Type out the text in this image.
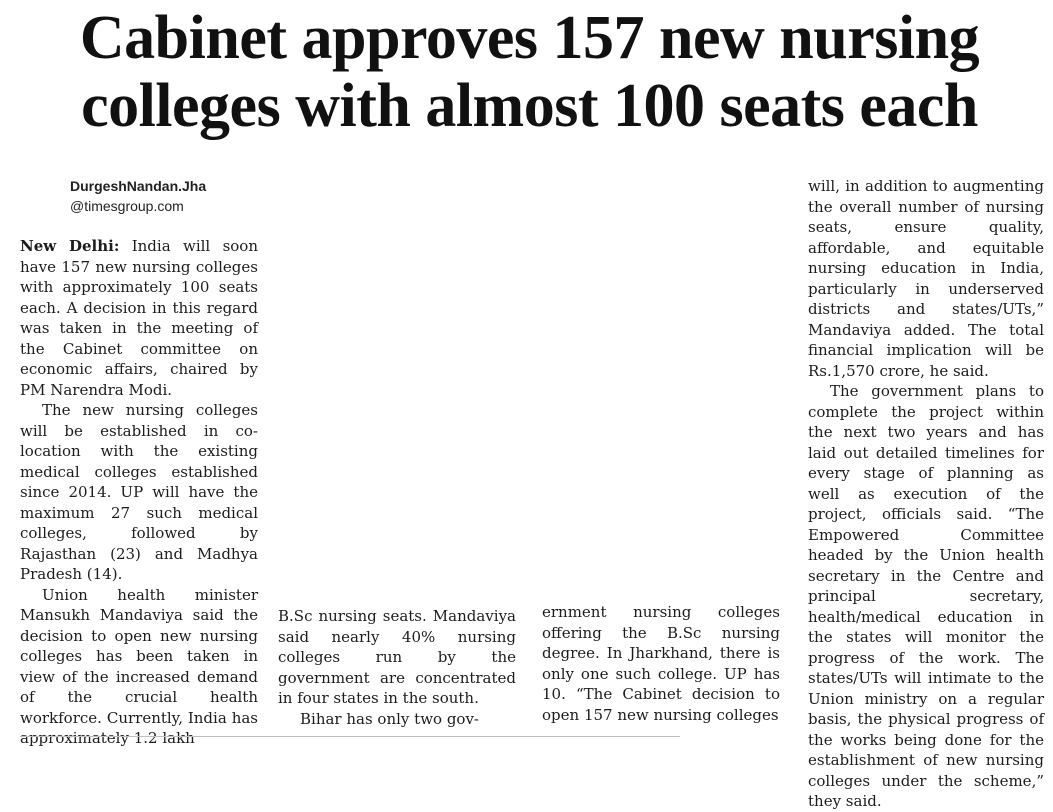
Cabinet approves 157 new nursing
colleges with almost 100 seats each
DurgeshNandan.Jha
@timesgroup.com

New Delhi: India will soon have 157 new nursing colleges with approximately 100 seats each. A decision in this regard was taken in the meeting of the Cabinet committee on economic affairs, chaired by PM Narendra Modi.

The new nursing colleges will be established in co-location with the existing medical colleges established since 2014. UP will have the maximum 27 such medical colleges, followed by Rajasthan (23) and Madhya Pradesh (14).

Union health minister Mansukh Mandaviya said the decision to open new nursing colleges has been taken in view of the increased demand of the crucial health workforce. Currently, India has approximately 1.2 lakh

B.Sc nursing seats. Mandaviya said nearly 40% nursing colleges run by the government are concentrated in four states in the south.

Bihar has only two gov-

ernment nursing colleges offering the B.Sc nursing degree. In Jharkhand, there is only one such college. UP has 10. “The Cabinet decision to open 157 new nursing colleges

will, in addition to augmenting the overall number of nursing seats, ensure quality, affordable, and equitable nursing education in India, particularly in underserved districts and states/UTs,” Mandaviya added. The total financial implication will be Rs.1,570 crore, he said.

The government plans to complete the project within the next two years and has laid out detailed timelines for every stage of planning as well as execution of the project, officials said. “The Empowered Committee headed by the Union health secretary in the Centre and principal secretary, health/medical education in the states will monitor the progress of the work. The states/UTs will intimate to the Union ministry on a regular basis, the physical progress of the works being done for the establishment of new nursing colleges under the scheme,” they said.
